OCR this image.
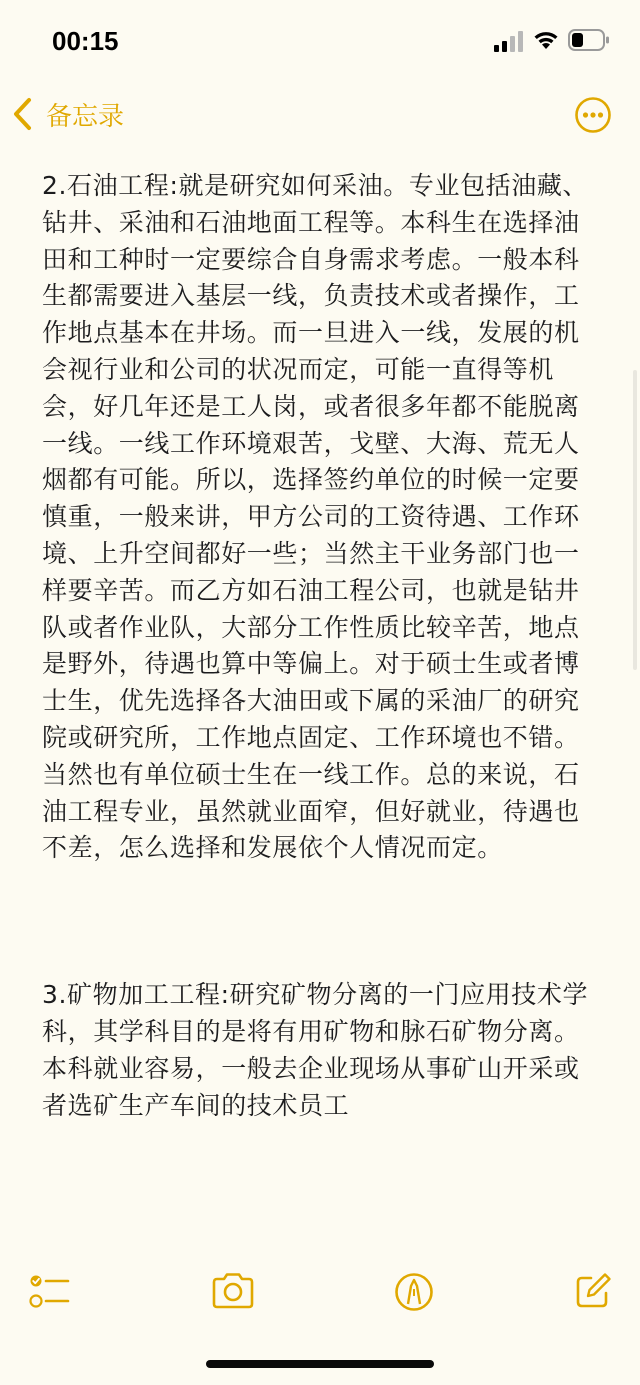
00:15
备忘录
2.石油工程:就是研究如何采油。专业包括油藏、钻井、采油和石油地面工程等。本科生在选择油田和工种时一定要综合自身需求考虑。一般本科生都需要进入基层一线，负责技术或者操作，工作地点基本在井场。而一旦进入一线，发展的机会视行业和公司的状况而定，可能一直得等机会，好几年还是工人岗，或者很多年都不能脱离一线。一线工作环境艰苦，戈壁、大海、荒无人烟都有可能。所以，选择签约单位的时候一定要慎重，一般来讲，甲方公司的工资待遇、工作环境、上升空间都好一些；当然主干业务部门也一样要辛苦。而乙方如石油工程公司，也就是钻井队或者作业队，大部分工作性质比较辛苦，地点是野外，待遇也算中等偏上。对于硕士生或者博士生，优先选择各大油田或下属的采油厂的研究院或研究所，工作地点固定、工作环境也不错。当然也有单位硕士生在一线工作。总的来说，石油工程专业，虽然就业面窄，但好就业，待遇也不差，怎么选择和发展依个人情况而定。
3.矿物加工工程:研究矿物分离的一门应用技术学科，其学科目的是将有用矿物和脉石矿物分离。本科就业容易，一般去企业现场从事矿山开采或者选矿生产车间的技术员工
